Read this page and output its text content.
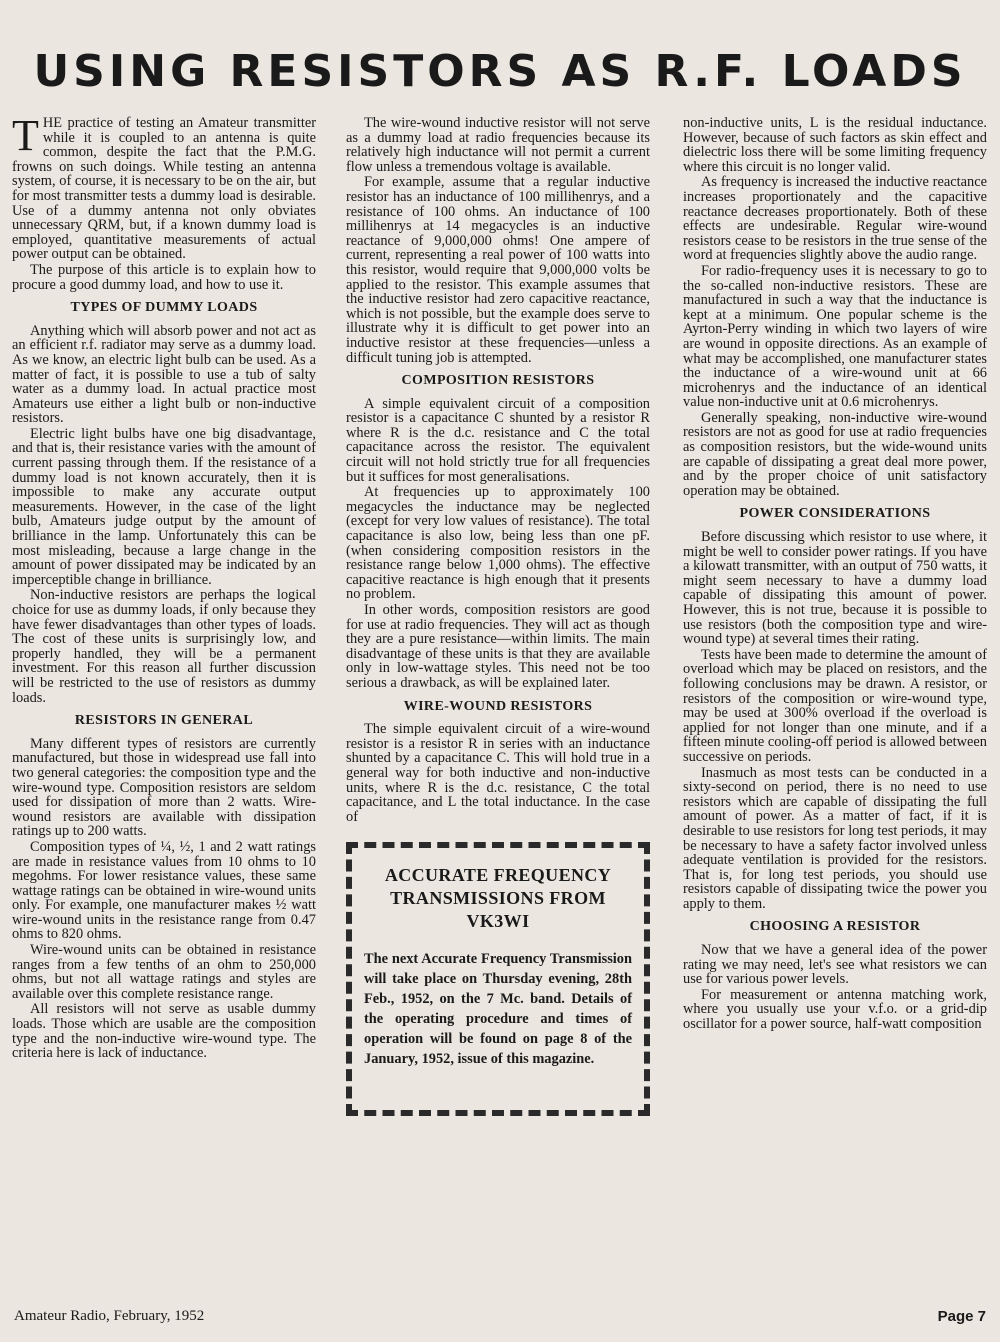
USING RESISTORS AS R.F. LOADS

THE practice of testing an Amateur transmitter while it is coupled to an antenna is quite common, despite the fact that the P.M.G. frowns on such doings. While testing an antenna system, of course, it is necessary to be on the air, but for most transmitter tests a dummy load is desirable. Use of a dummy antenna not only obviates unnecessary QRM, but, if a known dummy load is employed, quantitative measurements of actual power output can be obtained.

The purpose of this article is to explain how to procure a good dummy load, and how to use it.

TYPES OF DUMMY LOADS

Anything which will absorb power and not act as an efficient r.f. radiator may serve as a dummy load. As we know, an electric light bulb can be used. As a matter of fact, it is possible to use a tub of salty water as a dummy load. In actual practice most Amateurs use either a light bulb or non-inductive resistors.

Electric light bulbs have one big disadvantage, and that is, their resistance varies with the amount of current passing through them. If the resistance of a dummy load is not known accurately, then it is impossible to make any accurate output measurements. However, in the case of the light bulb, Amateurs judge output by the amount of brilliance in the lamp. Unfortunately this can be most misleading, because a large change in the amount of power dissipated may be indicated by an imperceptible change in brilliance.

Non-inductive resistors are perhaps the logical choice for use as dummy loads, if only because they have fewer disadvantages than other types of loads. The cost of these units is surprisingly low, and properly handled, they will be a permanent investment. For this reason all further discussion will be restricted to the use of resistors as dummy loads.

RESISTORS IN GENERAL

Many different types of resistors are currently manufactured, but those in widespread use fall into two general categories: the composition type and the wire-wound type. Composition resistors are seldom used for dissipation of more than 2 watts. Wire-wound resistors are available with dissipation ratings up to 200 watts.

Composition types of ¼, ½, 1 and 2 watt ratings are made in resistance values from 10 ohms to 10 megohms. For lower resistance values, these same wattage ratings can be obtained in wire-wound units only. For example, one manufacturer makes ½ watt wire-wound units in the resistance range from 0.47 ohms to 820 ohms.

Wire-wound units can be obtained in resistance ranges from a few tenths of an ohm to 250,000 ohms, but not all wattage ratings and styles are available over this complete resistance range.

All resistors will not serve as usable dummy loads. Those which are usable are the composition type and the non-inductive wire-wound type. The criteria here is lack of inductance.

The wire-wound inductive resistor will not serve as a dummy load at radio frequencies because its relatively high inductance will not permit a current flow unless a tremendous voltage is available.

For example, assume that a regular inductive resistor has an inductance of 100 millihenrys, and a resistance of 100 ohms. An inductance of 100 millihenrys at 14 megacycles is an inductive reactance of 9,000,000 ohms! One ampere of current, representing a real power of 100 watts into this resistor, would require that 9,000,000 volts be applied to the resistor. This example assumes that the inductive resistor had zero capacitive reactance, which is not possible, but the example does serve to illustrate why it is difficult to get power into an inductive resistor at these frequencies—unless a difficult tuning job is attempted.

COMPOSITION RESISTORS

A simple equivalent circuit of a composition resistor is a capacitance C shunted by a resistor R where R is the d.c. resistance and C the total capacitance across the resistor. The equivalent circuit will not hold strictly true for all frequencies but it suffices for most generalisations.

At frequencies up to approximately 100 megacycles the inductance may be neglected (except for very low values of resistance). The total capacitance is also low, being less than one pF. (when considering composition resistors in the resistance range below 1,000 ohms). The effective capacitive reactance is high enough that it presents no problem.

In other words, composition resistors are good for use at radio frequencies. They will act as though they are a pure resistance—within limits. The main disadvantage of these units is that they are available only in low-wattage styles. This need not be too serious a drawback, as will be explained later.

WIRE-WOUND RESISTORS

The simple equivalent circuit of a wire-wound resistor is a resistor R in series with an inductance shunted by a capacitance C. This will hold true in a general way for both inductive and non-inductive units, where R is the d.c. resistance, C the total capacitance, and L the total inductance. In the case of

ACCURATE FREQUENCY TRANSMISSIONS FROM VK3WI

The next Accurate Frequency Transmission will take place on Thursday evening, 28th Feb., 1952, on the 7 Mc. band. Details of the operating procedure and times of operation will be found on page 8 of the January, 1952, issue of this magazine.

non-inductive units, L is the residual inductance. However, because of such factors as skin effect and dielectric loss there will be some limiting frequency where this circuit is no longer valid.

As frequency is increased the inductive reactance increases proportionately and the capacitive reactance decreases proportionately. Both of these effects are undesirable. Regular wire-wound resistors cease to be resistors in the true sense of the word at frequencies slightly above the audio range.

For radio-frequency uses it is necessary to go to the so-called non-inductive resistors. These are manufactured in such a way that the inductance is kept at a minimum. One popular scheme is the Ayrton-Perry winding in which two layers of wire are wound in opposite directions. As an example of what may be accomplished, one manufacturer states the inductance of a wire-wound unit at 66 microhenrys and the inductance of an identical value non-inductive unit at 0.6 microhenrys.

Generally speaking, non-inductive wire-wound resistors are not as good for use at radio frequencies as composition resistors, but the wide-wound units are capable of dissipating a great deal more power, and by the proper choice of unit satisfactory operation may be obtained.

POWER CONSIDERATIONS

Before discussing which resistor to use where, it might be well to consider power ratings. If you have a kilowatt transmitter, with an output of 750 watts, it might seem necessary to have a dummy load capable of dissipating this amount of power. However, this is not true, because it is possible to use resistors (both the composition type and wire-wound type) at several times their rating.

Tests have been made to determine the amount of overload which may be placed on resistors, and the following conclusions may be drawn. A resistor, or resistors of the composition or wire-wound type, may be used at 300% overload if the overload is applied for not longer than one minute, and if a fifteen minute cooling-off period is allowed between successive on periods.

Inasmuch as most tests can be conducted in a sixty-second on period, there is no need to use resistors which are capable of dissipating the full amount of power. As a matter of fact, if it is desirable to use resistors for long test periods, it may be necessary to have a safety factor involved unless adequate ventilation is provided for the resistors. That is, for long test periods, you should use resistors capable of dissipating twice the power you apply to them.

CHOOSING A RESISTOR

Now that we have a general idea of the power rating we may need, let's see what resistors we can use for various power levels.

For measurement or antenna matching work, where you usually use your v.f.o. or a grid-dip oscillator for a power source, half-watt composition

Amateur Radio, February, 1952	Page 7
